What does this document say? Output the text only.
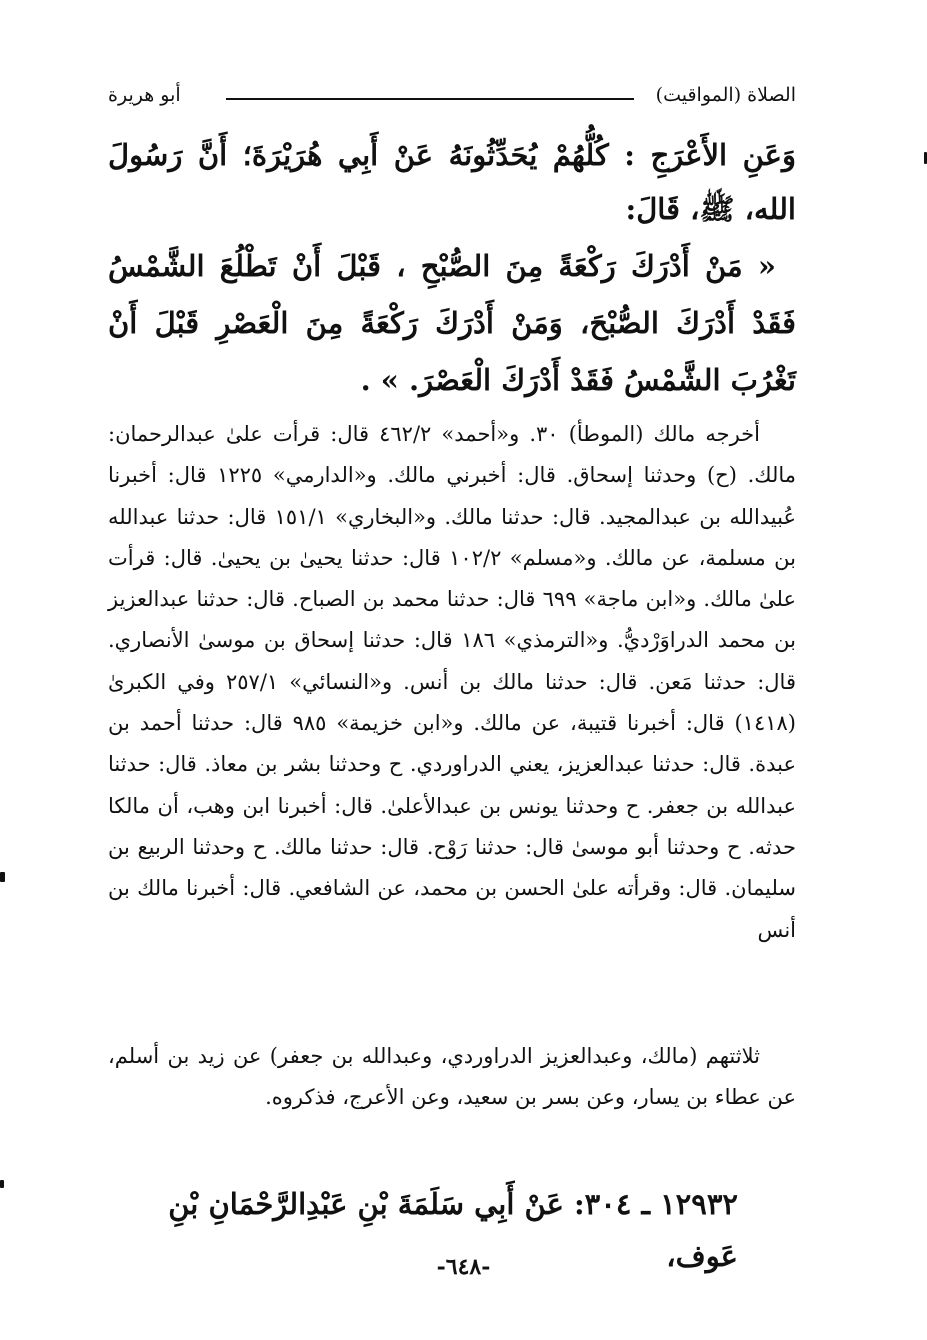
الصلاة (المواقيت)
أبو هريرة
وَعَنِ الأَعْرَجِ : كُلُّهُمْ يُحَدِّثُونَهُ عَنْ أَبِي هُرَيْرَةَ؛ أَنَّ رَسُولَ الله، ﷺ، قَالَ:
« مَنْ أَدْرَكَ رَكْعَةً مِنَ الصُّبْحِ ، قَبْلَ أَنْ تَطْلُعَ الشَّمْسُ فَقَدْ أَدْرَكَ الصُّبْحَ، وَمَنْ أَدْرَكَ رَكْعَةً مِنَ الْعَصْرِ قَبْلَ أَنْ تَغْرُبَ الشَّمْسُ فَقَدْ أَدْرَكَ الْعَصْرَ. » .
أخرجه مالك (الموطأ) ٣٠. و«أحمد» ٤٦٢/٢ قال: قرأت علىٰ عبدالرحمان: مالك. (ح) وحدثنا إسحاق. قال: أخبرني مالك. و«الدارمي» ١٢٢٥ قال: أخبرنا عُبيدالله بن عبدالمجيد. قال: حدثنا مالك. و«البخاري» ١٥١/١ قال: حدثنا عبدالله بن مسلمة، عن مالك. و«مسلم» ١٠٢/٢ قال: حدثنا يحيىٰ بن يحيىٰ. قال: قرأت علىٰ مالك. و«ابن ماجة» ٦٩٩ قال: حدثنا محمد بن الصباح. قال: حدثنا عبدالعزيز بن محمد الدراوَرْديُّ. و«الترمذي» ١٨٦ قال: حدثنا إسحاق بن موسىٰ الأنصاري. قال: حدثنا مَعن. قال: حدثنا مالك بن أنس. و«النسائي» ٢٥٧/١ وفي الكبرىٰ (١٤١٨) قال: أخبرنا قتيبة، عن مالك. و«ابن خزيمة» ٩٨٥ قال: حدثنا أحمد بن عبدة. قال: حدثنا عبدالعزيز، يعني الدراوردي. ح وحدثنا بشر بن معاذ. قال: حدثنا عبدالله بن جعفر. ح وحدثنا يونس بن عبدالأعلىٰ. قال: أخبرنا ابن وهب، أن مالكا حدثه. ح وحدثنا أبو موسىٰ قال: حدثنا رَوْح. قال: حدثنا مالك. ح وحدثنا الربيع بن سليمان. قال: وقرأته علىٰ الحسن بن محمد، عن الشافعي. قال: أخبرنا مالك بن أنس
ثلاثتهم (مالك، وعبدالعزيز الدراوردي، وعبدالله بن جعفر) عن زيد بن أسلم، عن عطاء بن يسار، وعن بسر بن سعيد، وعن الأعرج، فذكروه.
١٢٩٣٢ ـ ٣٠٤: عَنْ أَبِي سَلَمَةَ بْنِ عَبْدِالرَّحْمَانِ بْنِ عَوف،
-٦٤٨-
